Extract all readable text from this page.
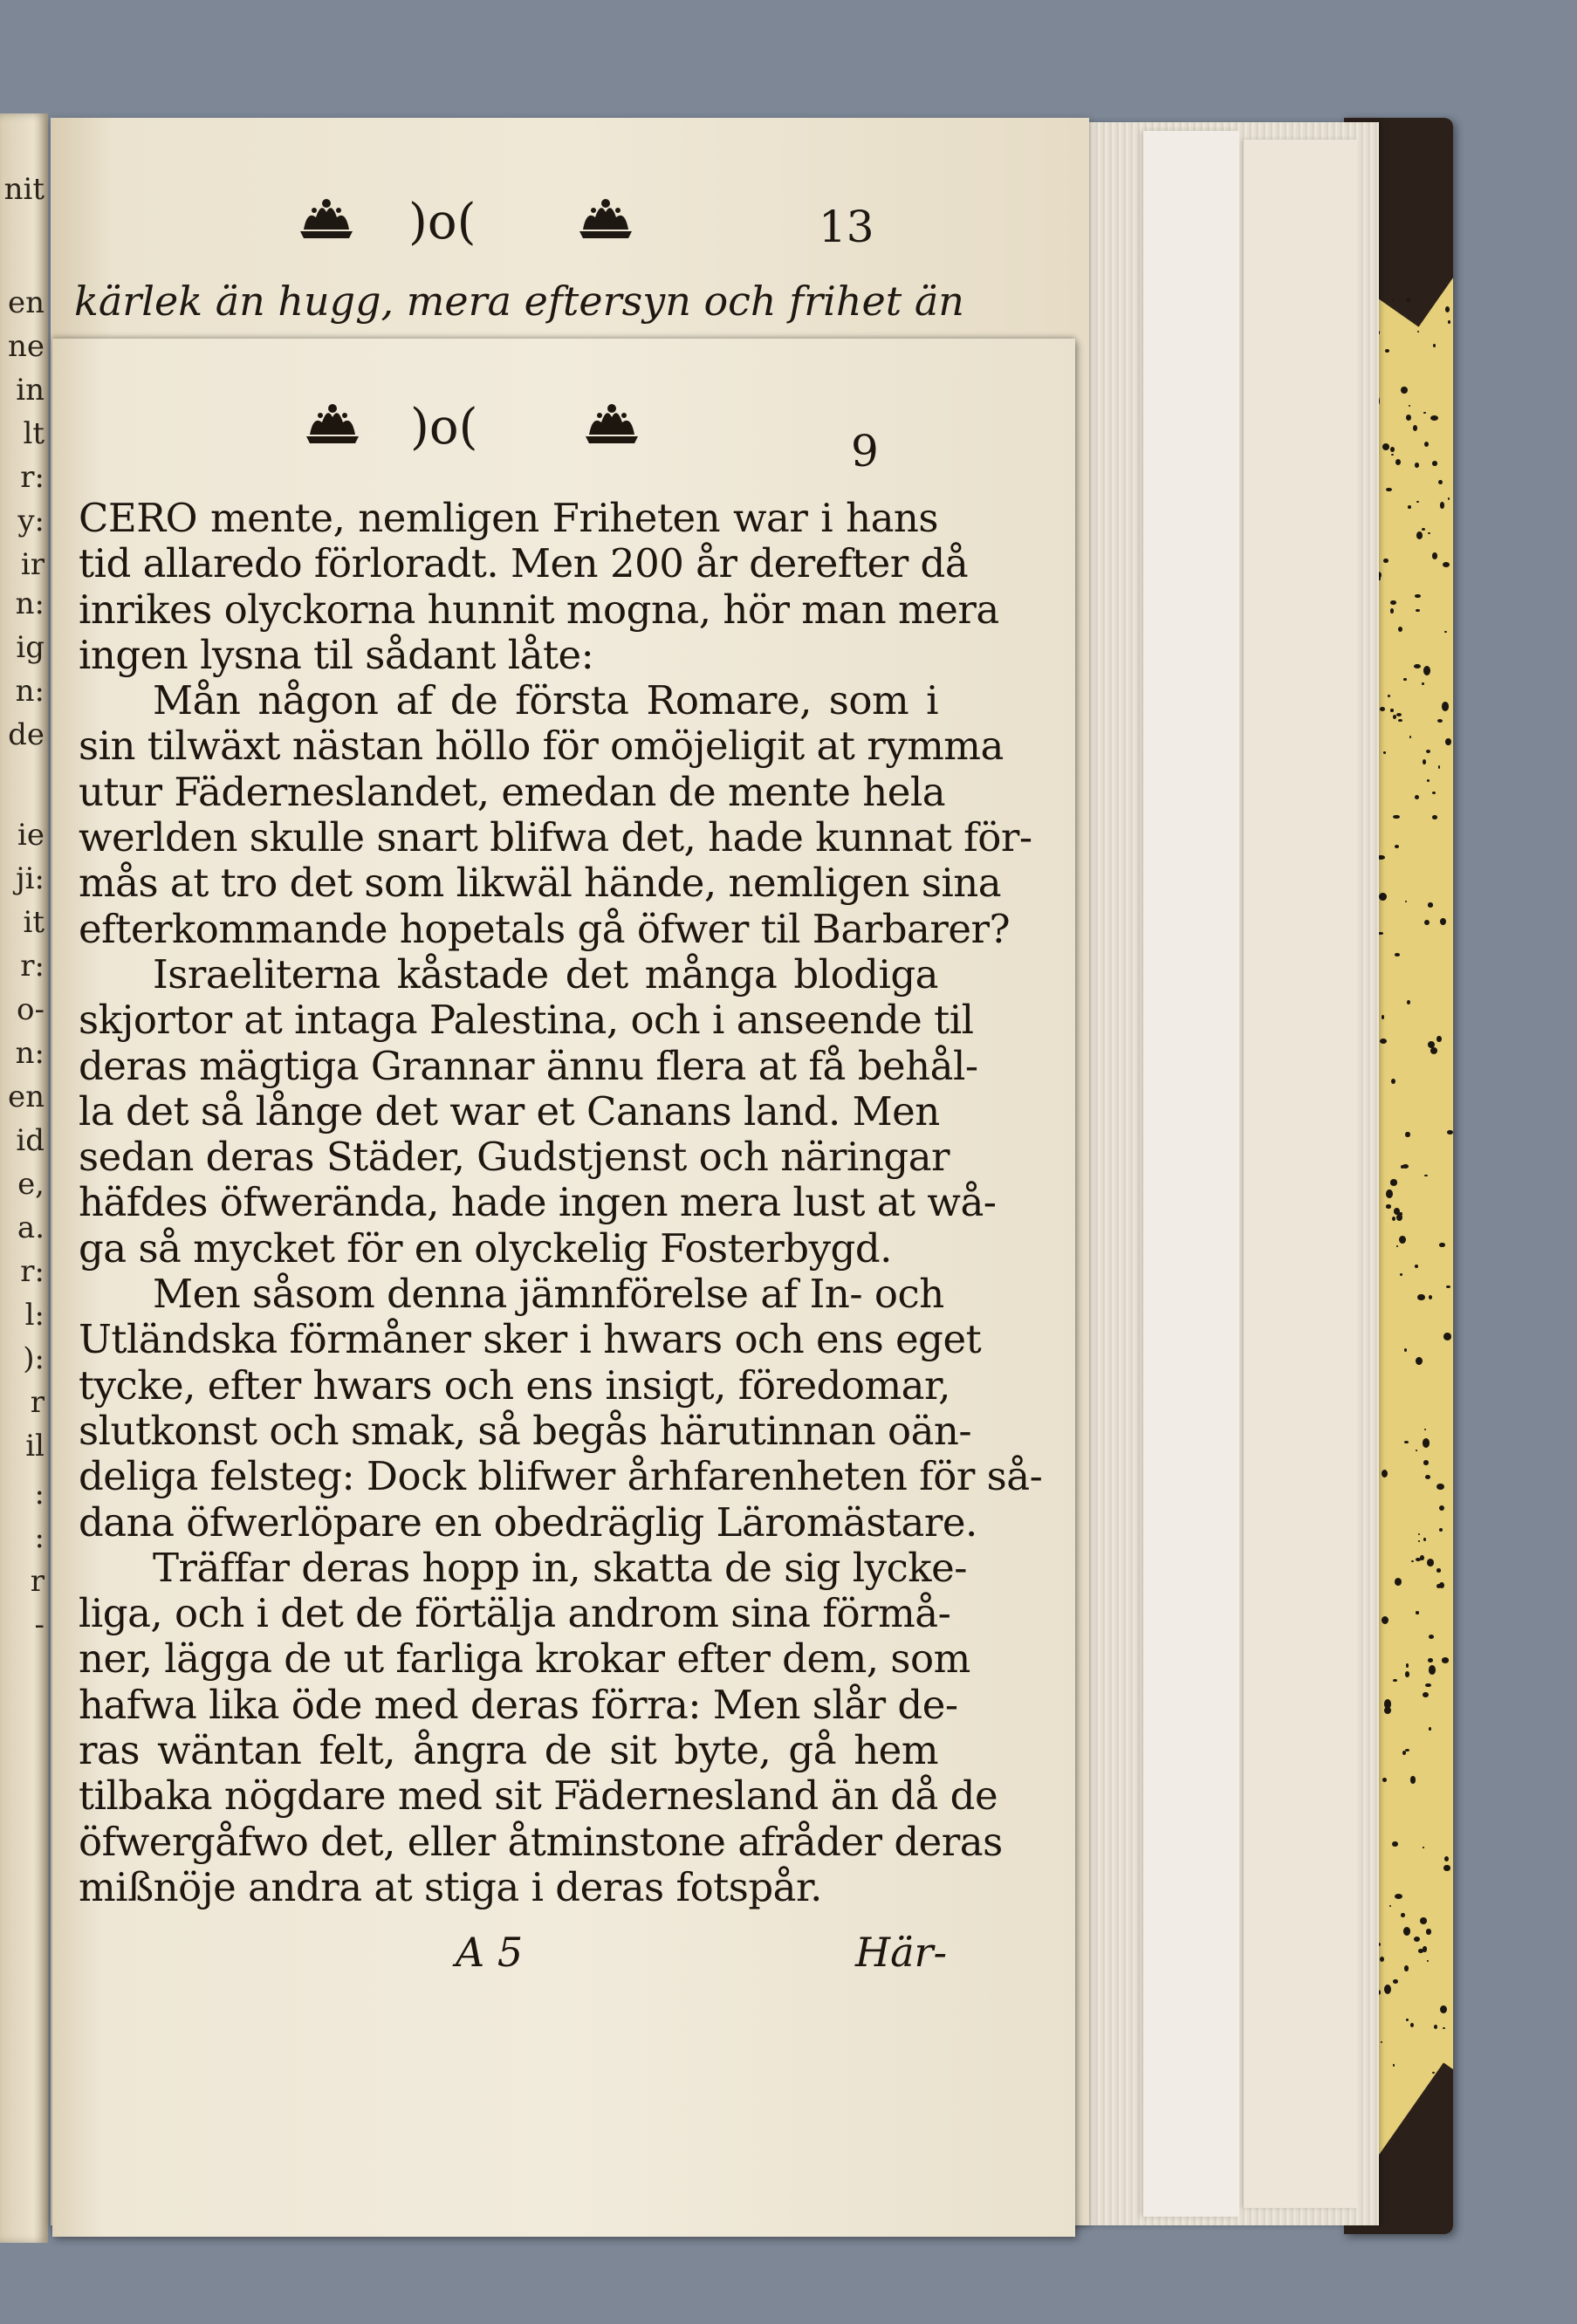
nit
en
ne
in
lt
r:
y:
ir
n:
ig
n:
de
ie
ji:
it
r:
o-
n:
en
id
e,
a.
r:
l:
):
r
il
:
:
r
-
)o(	13
kärlek än hugg, mera eftersyn och frihet än
)o(	9
CERO mente, nemligen Friheten war i hans
tid allaredo förloradt. Men 200 år derefter då
inrikes olyckorna hunnit mogna, hör man mera
ingen lysna til sådant låte:
Mån någon af de första Romare, som i
sin tilwäxt nästan höllo för omöjeligit at rymma
utur Fäderneslandet, emedan de mente hela
werlden skulle snart blifwa det, hade kunnat för-
mås at tro det som likwäl hände, nemligen sina
efterkommande hopetals gå öfwer til Barbarer?
Israeliterna kåstade det många blodiga
skjortor at intaga Palestina, och i anseende til
deras mägtiga Grannar ännu flera at få behål-
la det så långe det war et Canans land. Men
sedan deras Städer, Gudstjenst och näringar
häfdes öfwerända, hade ingen mera lust at wå-
ga så mycket för en olyckelig Fosterbygd.
Men såsom denna jämnförelse af In- och
Utländska förmåner sker i hwars och ens eget
tycke, efter hwars och ens insigt, föredomar,
slutkonst och smak, så begås härutinnan oän-
deliga felsteg: Dock blifwer århfarenheten för så-
dana öfwerlöpare en obedräglig Läromästare.
Träffar deras hopp in, skatta de sig lycke-
liga, och i det de förtälja androm sina förmå-
ner, lägga de ut farliga krokar efter dem, som
hafwa lika öde med deras förra: Men slår de-
ras wäntan felt, ångra de sit byte, gå hem
tilbaka nögdare med sit Fädernesland än då de
öfwergåfwo det, eller åtminstone afråder deras
mißnöje andra at stiga i deras fotspår.
A 5	Här-
